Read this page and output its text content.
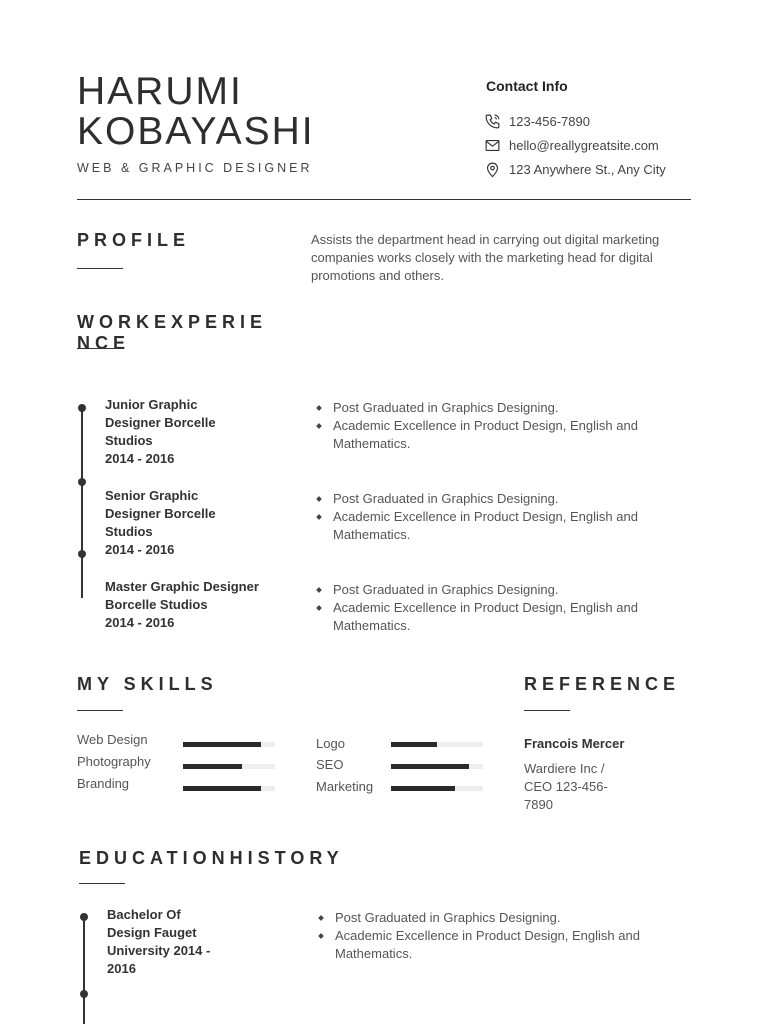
HARUMI
KOBAYASHI
WEB & GRAPHIC DESIGNER
Contact Info
123-456-7890
hello@reallygreatsite.com
123 Anywhere St., Any City
PROFILE	Assists the department head in carrying out digital marketing companies works closely with the marketing head for digital promotions and others.
WORKEXPERIE
NCE
Junior Graphic
Designer Borcelle
Studios
2014 - 2016
Post Graduated in Graphics Designing.
Academic Excellence in Product Design, English and Mathematics.
Senior Graphic
Designer Borcelle
Studios
2014 - 2016
Post Graduated in Graphics Designing.
Academic Excellence in Product Design, English and Mathematics.
Master Graphic Designer
Borcelle Studios
2014 - 2016
Post Graduated in Graphics Designing.
Academic Excellence in Product Design, English and Mathematics.
MY SKILLS
Web Design
Photography
Branding
Logo
SEO
Marketing
REFERENCE
Francois Mercer
Wardiere Inc /
CEO 123-456-
7890
EDUCATIONHISTORY
Bachelor Of
Design Fauget
University 2014 -
2016
Post Graduated in Graphics Designing.
Academic Excellence in Product Design, English and Mathematics.
